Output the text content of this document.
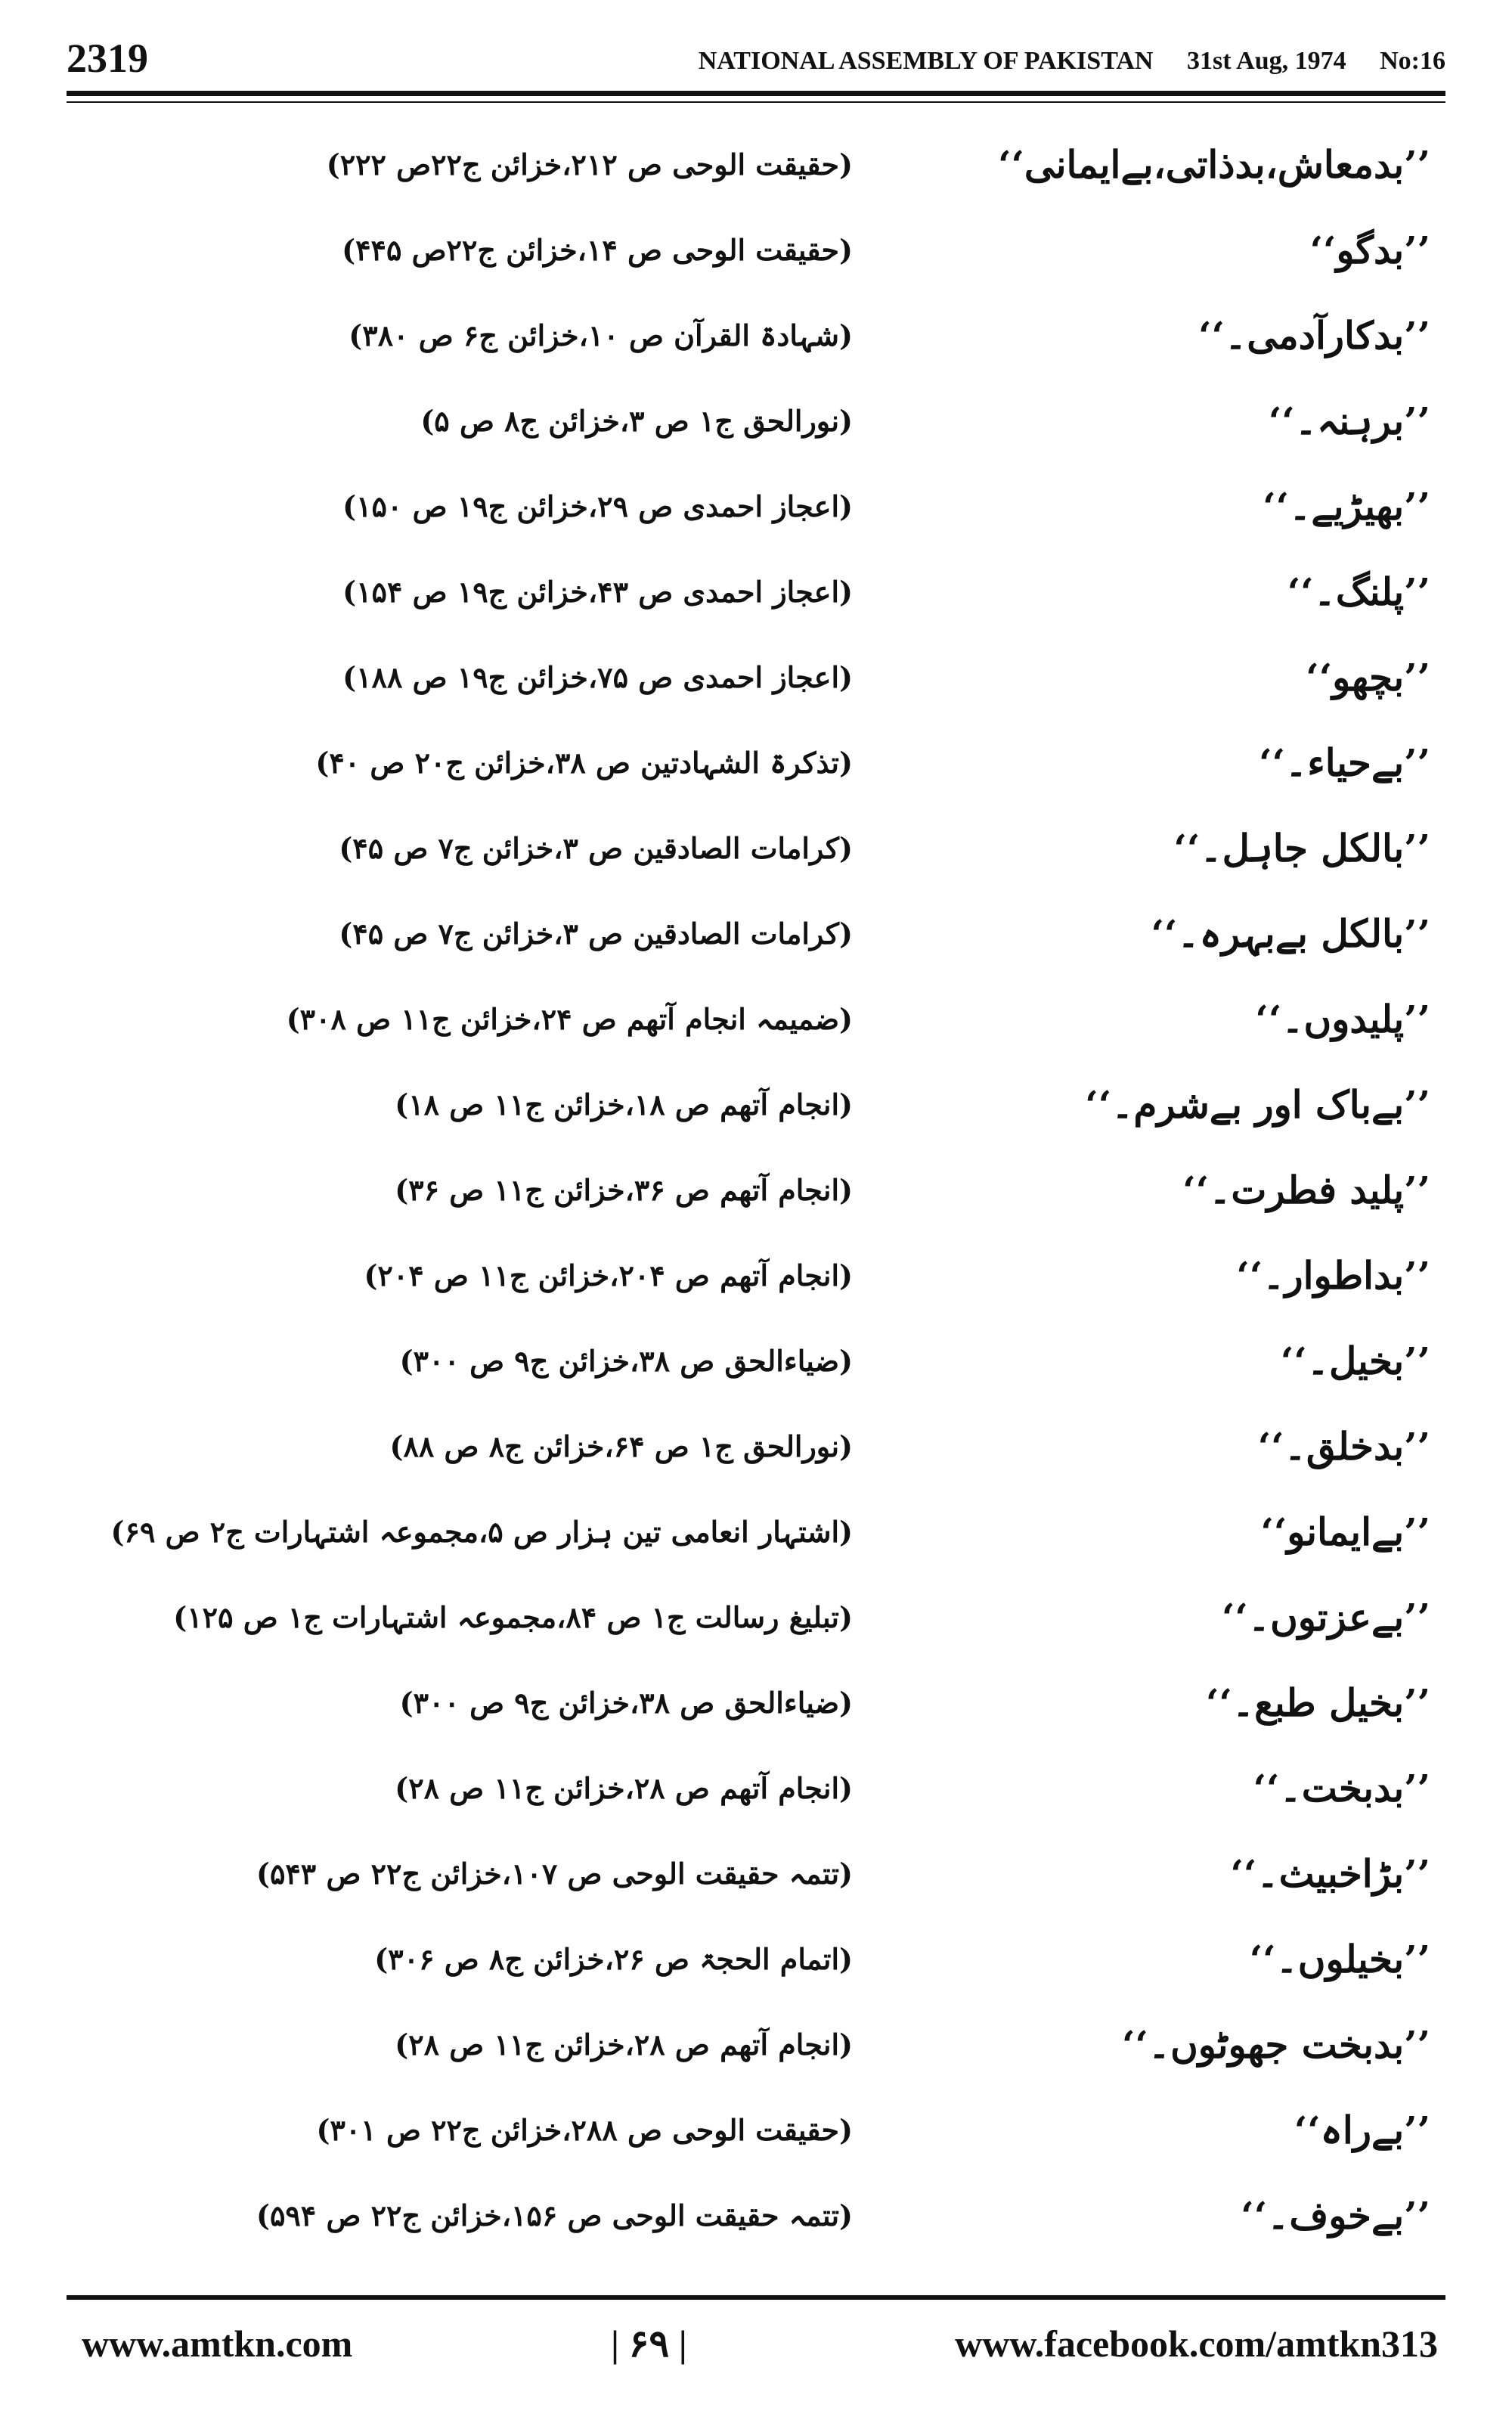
2319	NATIONAL ASSEMBLY OF PAKISTAN 31st Aug, 1974 No:16
’’بدمعاش،بدذاتی،بےایمانی‘‘
(حقیقت الوحی ص ۲۱۲،خزائن ج۲۲ص ۲۲۲)
’’بدگو‘‘
(حقیقت الوحی ص ۱۴،خزائن ج۲۲ص ۴۴۵)
’’بدکارآدمی۔‘‘
(شہادۃ القرآن ص ۱۰،خزائن ج۶ ص ۳۸۰)
’’برہنہ۔‘‘
(نورالحق ج۱ ص ۳،خزائن ج۸ ص ۵)
’’بھیڑیے۔‘‘
(اعجاز احمدی ص ۲۹،خزائن ج۱۹ ص ۱۵۰)
’’پلنگ۔‘‘
(اعجاز احمدی ص ۴۳،خزائن ج۱۹ ص ۱۵۴)
’’بچھو‘‘
(اعجاز احمدی ص ۷۵،خزائن ج۱۹ ص ۱۸۸)
’’بےحیاء۔‘‘
(تذکرۃ الشہادتین ص ۳۸،خزائن ج۲۰ ص ۴۰)
’’بالکل جاہل۔‘‘
(کرامات الصادقین ص ۳،خزائن ج۷ ص ۴۵)
’’بالکل بےبہرہ۔‘‘
(کرامات الصادقین ص ۳،خزائن ج۷ ص ۴۵)
’’پلیدوں۔‘‘
(ضمیمہ انجام آتھم ص ۲۴،خزائن ج۱۱ ص ۳۰۸)
’’بےباک اور بےشرم۔‘‘
(انجام آتھم ص ۱۸،خزائن ج۱۱ ص ۱۸)
’’پلید فطرت۔‘‘
(انجام آتھم ص ۳۶،خزائن ج۱۱ ص ۳۶)
’’بداطوار۔‘‘
(انجام آتھم ص ۲۰۴،خزائن ج۱۱ ص ۲۰۴)
’’بخیل۔‘‘
(ضیاءالحق ص ۳۸،خزائن ج۹ ص ۳۰۰)
’’بدخلق۔‘‘
(نورالحق ج۱ ص ۶۴،خزائن ج۸ ص ۸۸)
’’بےایمانو‘‘
(اشتہار انعامی تین ہزار ص ۵،مجموعہ اشتہارات ج۲ ص ۶۹)
’’بےعزتوں۔‘‘
(تبلیغ رسالت ج۱ ص ۸۴،مجموعہ اشتہارات ج۱ ص ۱۲۵)
’’بخیل طبع۔‘‘
(ضیاءالحق ص ۳۸،خزائن ج۹ ص ۳۰۰)
’’بدبخت۔‘‘
(انجام آتھم ص ۲۸،خزائن ج۱۱ ص ۲۸)
’’بڑاخبیث۔‘‘
(تتمہ حقیقت الوحی ص ۱۰۷،خزائن ج۲۲ ص ۵۴۳)
’’بخیلوں۔‘‘
(اتمام الحجۃ ص ۲۶،خزائن ج۸ ص ۳۰۶)
’’بدبخت جھوٹوں۔‘‘
(انجام آتھم ص ۲۸،خزائن ج۱۱ ص ۲۸)
’’بےراہ‘‘
(حقیقت الوحی ص ۲۸۸،خزائن ج۲۲ ص ۳۰۱)
’’بےخوف۔‘‘
(تتمہ حقیقت الوحی ص ۱۵۶،خزائن ج۲۲ ص ۵۹۴)
www.amtkn.com	| ۶۹ |	www.facebook.com/amtkn313
